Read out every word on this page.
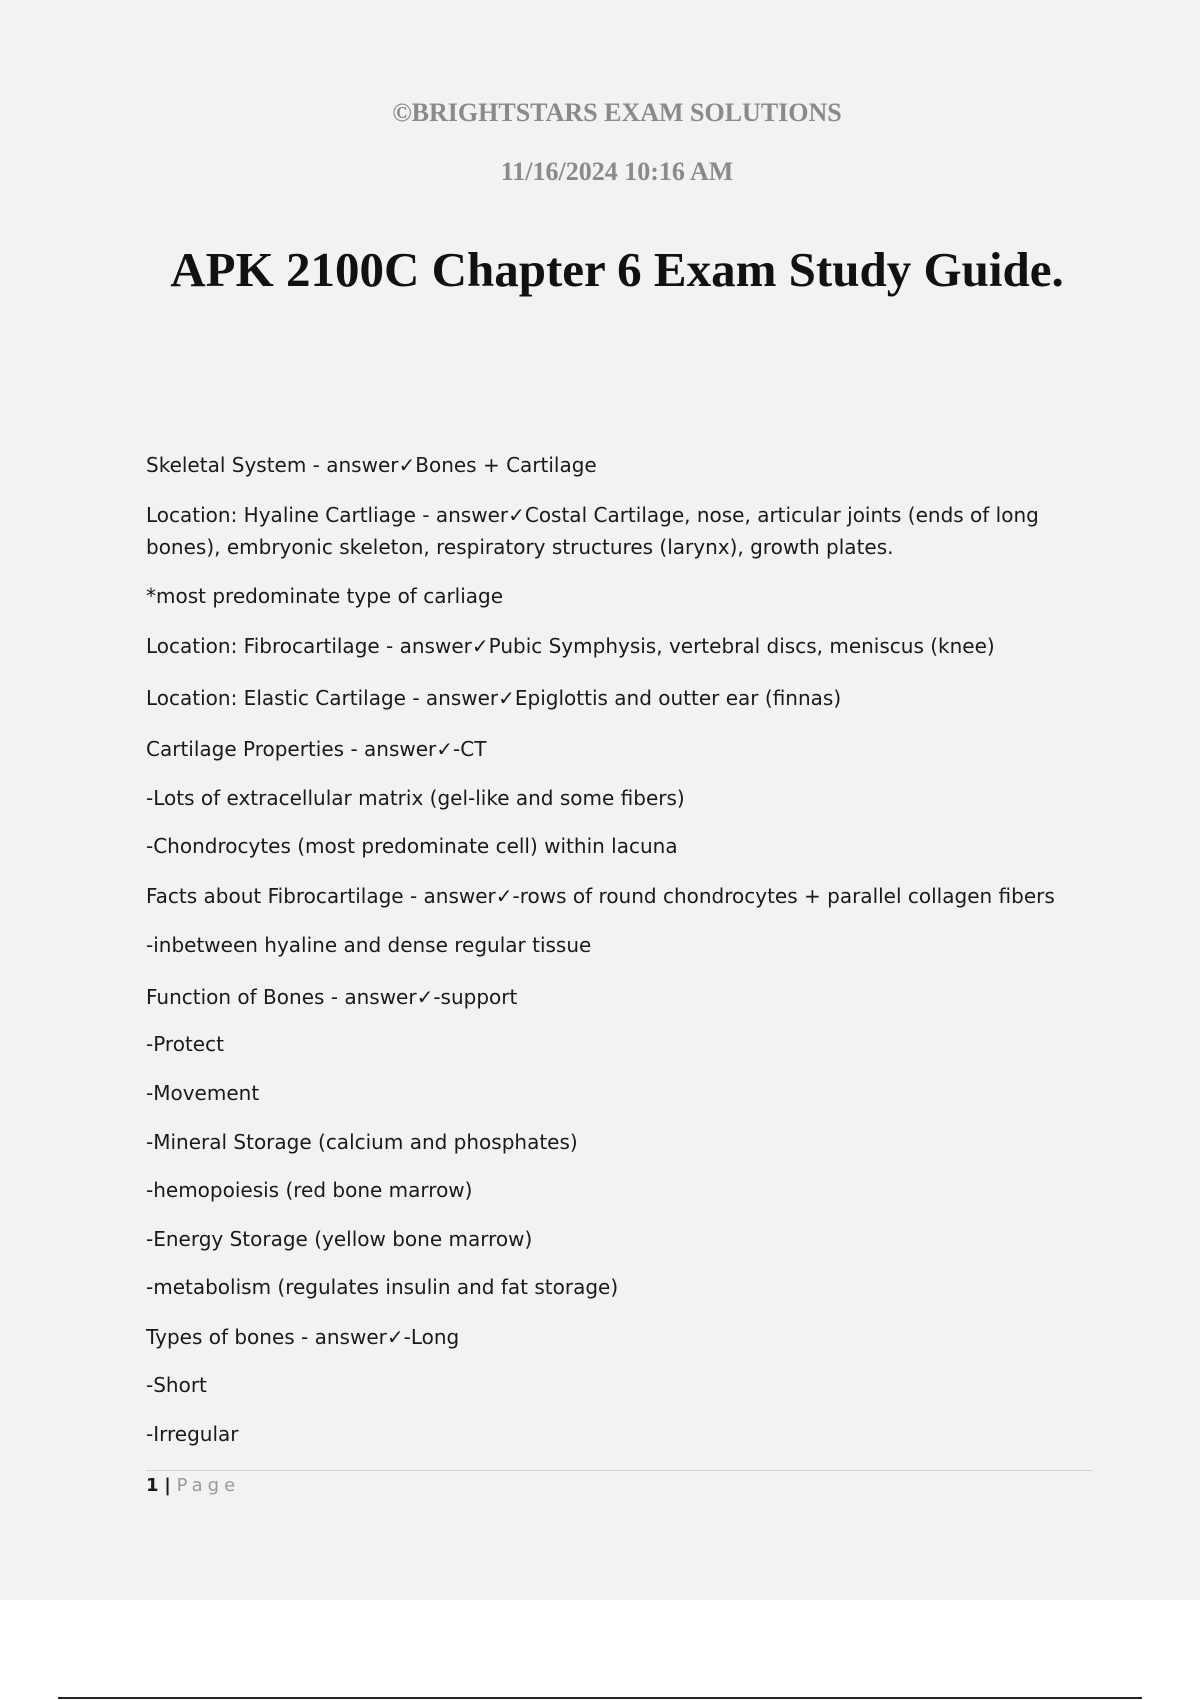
©BRIGHTSTARS EXAM SOLUTIONS
11/16/2024 10:16 AM
APK 2100C Chapter 6 Exam Study Guide.
Skeletal System - answer✓Bones + Cartilage
Location: Hyaline Cartliage - answer✓Costal Cartilage, nose, articular joints (ends of long bones), embryonic skeleton, respiratory structures (larynx), growth plates.
*most predominate type of carliage
Location: Fibrocartilage - answer✓Pubic Symphysis, vertebral discs, meniscus (knee)
Location: Elastic Cartilage - answer✓Epiglottis and outter ear (finnas)
Cartilage Properties - answer✓-CT
-Lots of extracellular matrix (gel-like and some fibers)
-Chondrocytes (most predominate cell) within lacuna
Facts about Fibrocartilage - answer✓-rows of round chondrocytes + parallel collagen fibers
-inbetween hyaline and dense regular tissue
Function of Bones - answer✓-support
-Protect
-Movement
-Mineral Storage (calcium and phosphates)
-hemopoiesis (red bone marrow)
-Energy Storage (yellow bone marrow)
-metabolism (regulates insulin and fat storage)
Types of bones - answer✓-Long
-Short
-Irregular
1 | Page
